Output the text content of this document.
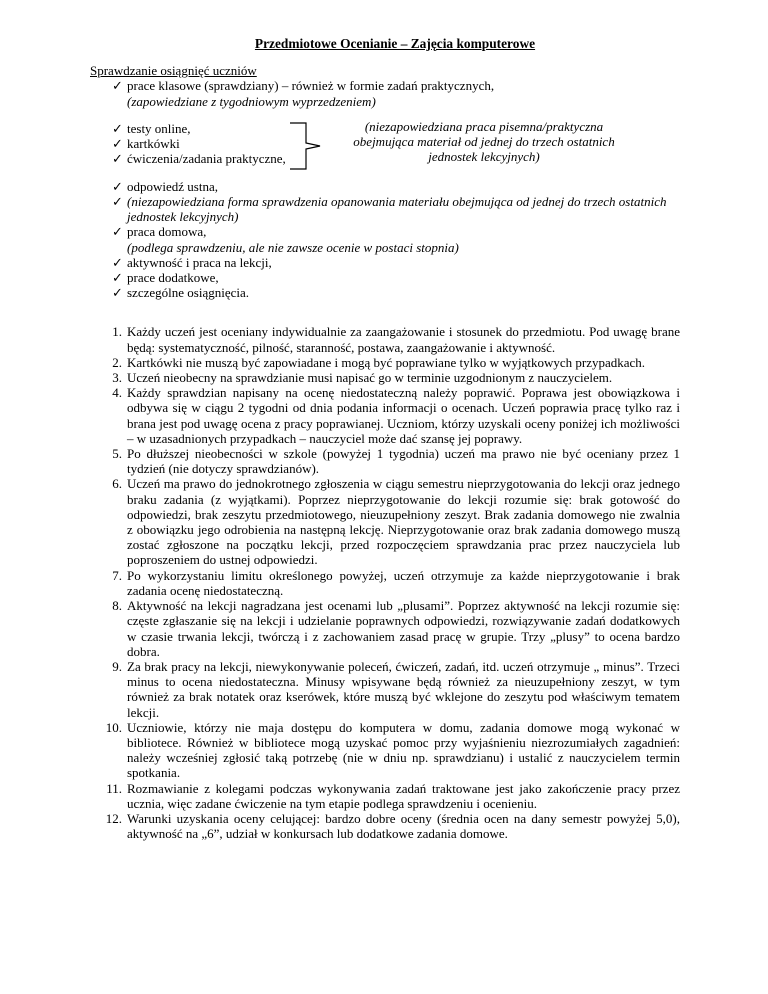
Przedmiotowe Ocenianie – Zajęcia komputerowe
Sprawdzanie osiągnięć uczniów
✓ prace klasowe (sprawdziany) – również w formie zadań praktycznych,
(zapowiedziane z tygodniowym wyprzedzeniem)
✓ testy online,
✓ kartkówki
✓ ćwiczenia/zadania praktyczne,
(niezapowiedziana praca pisemna/praktyczna obejmująca materiał od jednej do trzech ostatnich jednostek lekcyjnych)
✓ odpowiedź ustna,
✓ (niezapowiedziana forma sprawdzenia opanowania materiału obejmująca od jednej do trzech ostatnich jednostek lekcyjnych)
✓ praca domowa,
(podlega sprawdzeniu, ale nie zawsze ocenie w postaci stopnia)
✓ aktywność i praca na lekcji,
✓ prace dodatkowe,
✓ szczególne osiągnięcia.
1. Każdy uczeń jest oceniany indywidualnie za zaangażowanie i stosunek do przedmiotu. Pod uwagę brane będą: systematyczność, pilność, staranność, postawa, zaangażowanie i aktywność.
2. Kartkówki nie muszą być zapowiadane i mogą być poprawiane tylko w wyjątkowych przypadkach.
3. Uczeń nieobecny na sprawdzianie musi napisać go w terminie uzgodnionym z nauczycielem.
4. Każdy sprawdzian napisany na ocenę niedostateczną należy poprawić. Poprawa jest obowiązkowa i odbywa się w ciągu 2 tygodni od dnia podania informacji o ocenach. Uczeń poprawia pracę tylko raz i brana jest pod uwagę ocena z pracy poprawianej. Uczniom, którzy uzyskali oceny poniżej ich możliwości – w uzasadnionych przypadkach – nauczyciel może dać szansę jej poprawy.
5. Po dłuższej nieobecności w szkole (powyżej 1 tygodnia) uczeń ma prawo nie być oceniany przez 1 tydzień (nie dotyczy sprawdzianów).
6. Uczeń ma prawo do jednokrotnego zgłoszenia w ciągu semestru nieprzygotowania do lekcji oraz jednego braku zadania (z wyjątkami). Poprzez nieprzygotowanie do lekcji rozumie się: brak gotowość do odpowiedzi, brak zeszytu przedmiotowego, nieuzupełniony zeszyt. Brak zadania domowego nie zwalnia z obowiązku jego odrobienia na następną lekcję. Nieprzygotowanie oraz brak zadania domowego muszą zostać zgłoszone na początku lekcji, przed rozpoczęciem sprawdzania prac przez nauczyciela lub poproszeniem do ustnej odpowiedzi.
7. Po wykorzystaniu limitu określonego powyżej, uczeń otrzymuje za każde nieprzygotowanie i brak zadania ocenę niedostateczną.
8. Aktywność na lekcji nagradzana jest ocenami lub „plusami”. Poprzez aktywność na lekcji rozumie się: częste zgłaszanie się na lekcji i udzielanie poprawnych odpowiedzi, rozwiązywanie zadań dodatkowych w czasie trwania lekcji, twórczą i z zachowaniem zasad pracę w grupie. Trzy „plusy” to ocena bardzo dobra.
9. Za brak pracy na lekcji, niewykonywanie poleceń, ćwiczeń, zadań, itd. uczeń otrzymuje „ minus”. Trzeci minus to ocena niedostateczna. Minusy wpisywane będą również za nieuzupełniony zeszyt, w tym również za brak notatek oraz kserówek, które muszą być wklejone do zeszytu pod właściwym tematem lekcji.
10. Uczniowie, którzy nie maja dostępu do komputera w domu, zadania domowe mogą wykonać w bibliotece. Również w bibliotece mogą uzyskać pomoc przy wyjaśnieniu niezrozumiałych zagadnień: należy wcześniej zgłosić taką potrzebę (nie w dniu np. sprawdzianu) i ustalić z nauczycielem termin spotkania.
11. Rozmawianie z kolegami podczas wykonywania zadań traktowane jest jako zakończenie pracy przez ucznia, więc zadane ćwiczenie na tym etapie podlega sprawdzeniu i ocenieniu.
12. Warunki uzyskania oceny celującej: bardzo dobre oceny (średnia ocen na dany semestr powyżej 5,0), aktywność na „6”, udział w konkursach lub dodatkowe zadania domowe.
